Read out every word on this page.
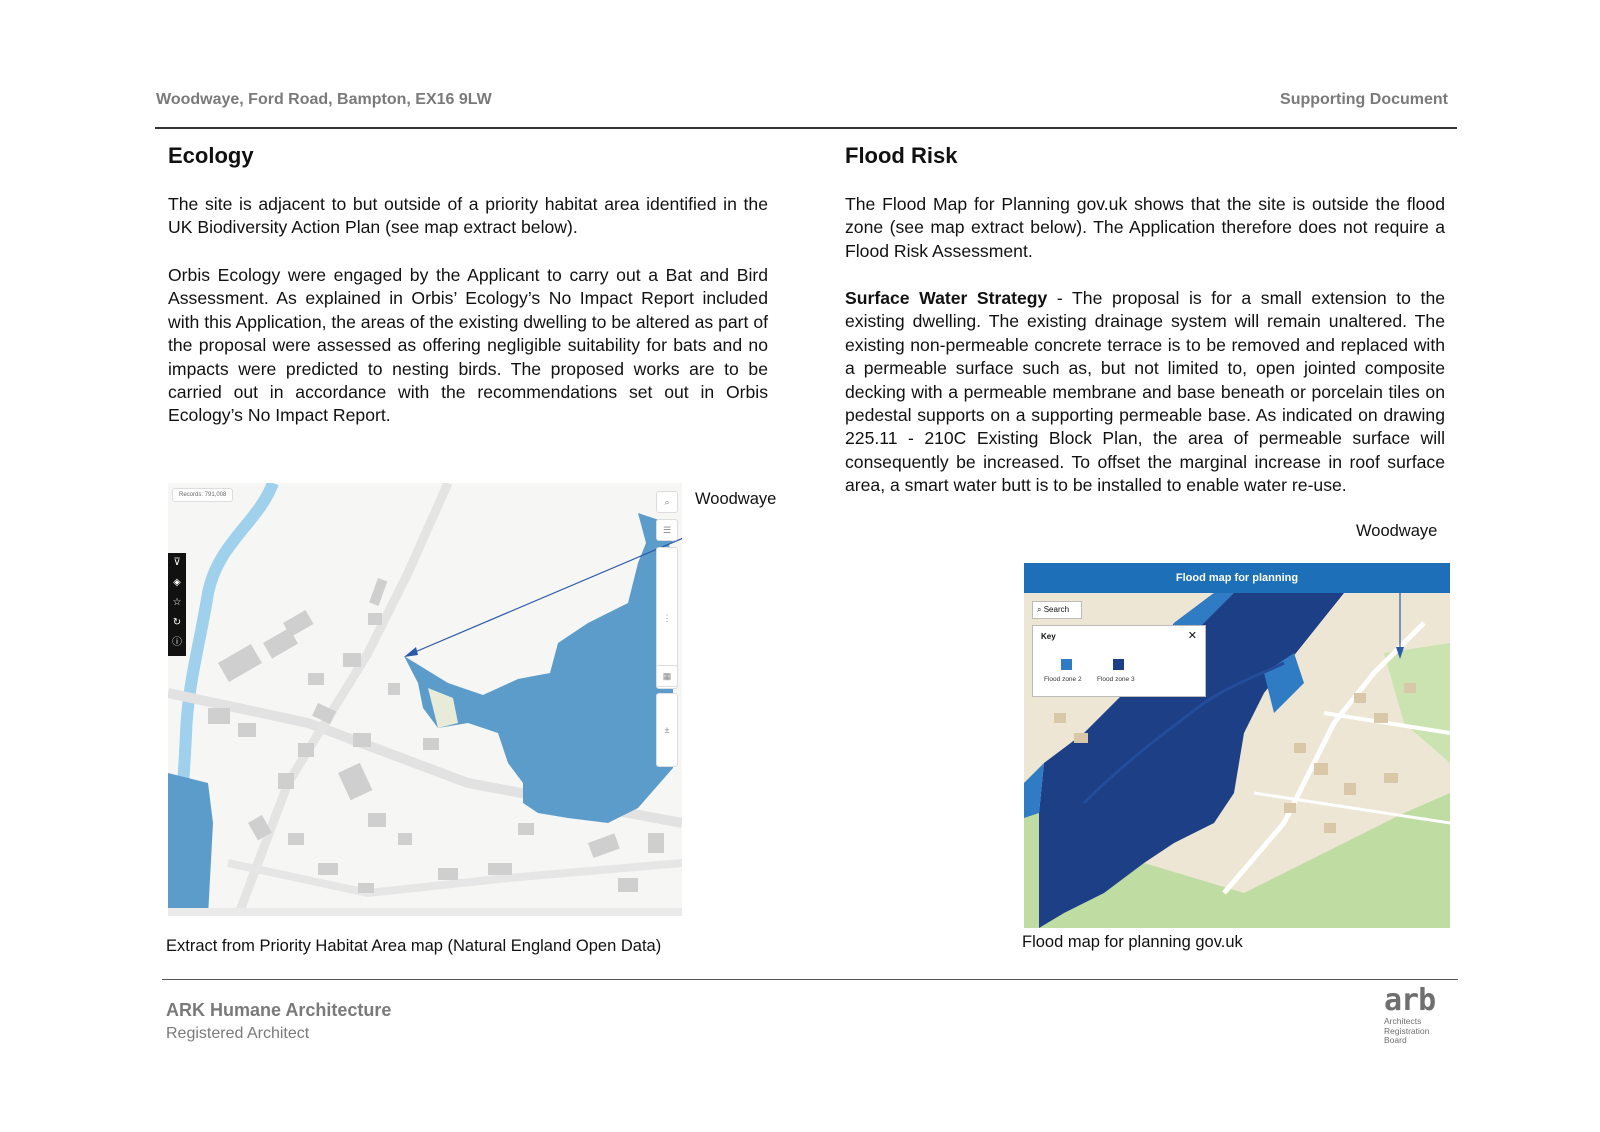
Woodwaye, Ford Road, Bampton, EX16 9LW	Supporting Document
Ecology

The site is adjacent to but outside of a priority habitat area identified in the UK Biodiversity Action Plan (see map extract below).

Orbis Ecology were engaged by the Applicant to carry out a Bat and Bird Assessment. As explained in Orbis’ Ecology’s No Impact Report included with this Application, the areas of the existing dwelling to be altered as part of the proposal were assessed as offering negligible suitability for bats and no impacts were predicted to nesting birds. The proposed works are to be carried out in accordance with the recommendations set out in Orbis Ecology’s No Impact Report.

Records: 791,008
⊽
◈
☆
↻
ⓘ
⌕
☰
⋮
▦
±
Woodwaye
Extract from Priority Habitat Area map (Natural England Open Data)
Flood Risk

The Flood Map for Planning gov.uk shows that the site is outside the flood zone (see map extract below). The Application therefore does not require a Flood Risk Assessment.

Surface Water Strategy - The proposal is for a small extension to the existing dwelling. The existing drainage system will remain unaltered. The existing non-permeable concrete terrace is to be removed and replaced with a permeable surface such as, but not limited to, open jointed composite decking with a permeable membrane and base beneath or porcelain tiles on pedestal supports on a supporting permeable base. As indicated on drawing 225.11 - 210C Existing Block Plan, the area of permeable surface will consequently be increased. To offset the marginal increase in roof surface area, a smart water butt is to be installed to enable water re-use.

Woodwaye
Flood map for planning
⌕ Search
Key	✕
Flood zone 2 Flood zone 3
Flood map for planning gov.uk
ARK Humane Architecture
Registered Architect
arb
Architects
Registration
Board
